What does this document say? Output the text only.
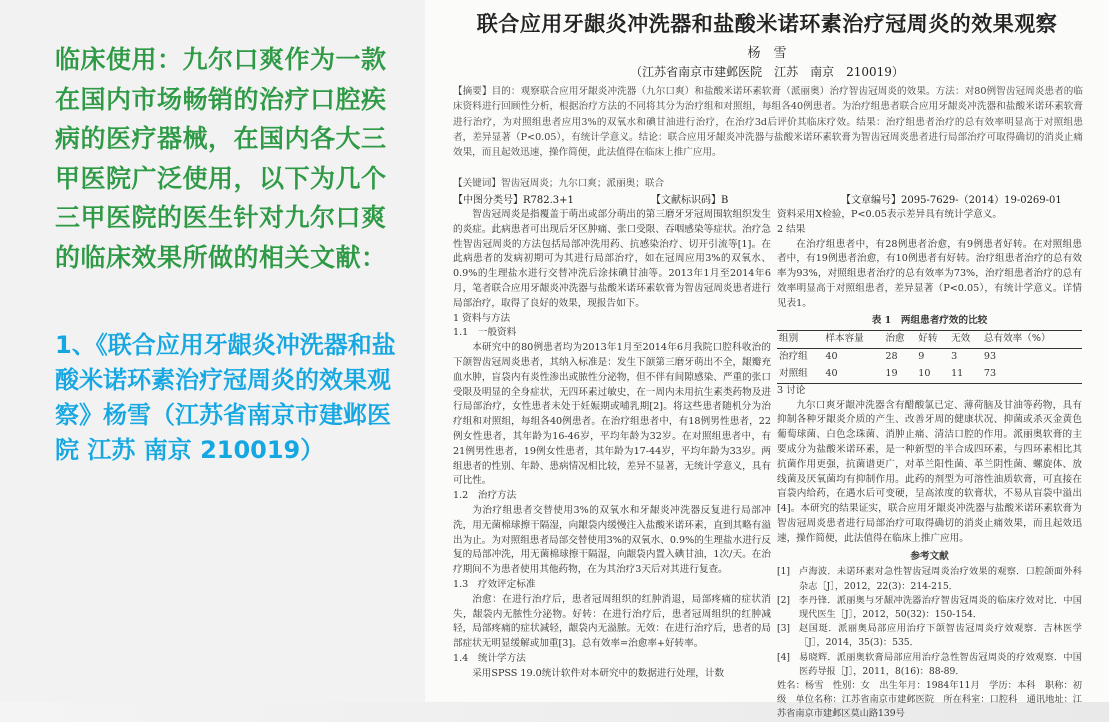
临床使用：九尔口爽作为一款在国内市场畅销的治疗口腔疾病的医疗器械，在国内各大三甲医院广泛使用，以下为几个三甲医院的医生针对九尔口爽的临床效果所做的相关文献：
1、《联合应用牙龈炎冲洗器和盐酸米诺环素治疗冠周炎的效果观察》杨雪（江苏省南京市建邺医院 江苏 南京 210019）
联合应用牙龈炎冲洗器和盐酸米诺环素治疗冠周炎的效果观察
杨　雪
（江苏省南京市建邺医院　江苏　南京　210019）
【摘要】目的：观察联合应用牙龈炎冲洗器（九尔口爽）和盐酸米诺环素软膏（派丽奥）治疗智齿冠周炎的效果。方法：对80例智齿冠周炎患者的临床资料进行回顾性分析，根据治疗方法的不同将其分为治疗组和对照组，每组各40例患者。为治疗组患者联合应用牙龈炎冲洗器和盐酸米诺环素软膏进行治疗，为对照组患者应用3%的双氧水和碘甘油进行治疗，在治疗3d后评价其临床疗效。结果：治疗组患者治疗的总有效率明显高于对照组患者，差异显著（P<0.05），有统计学意义。结论：联合应用牙龈炎冲洗器与盐酸米诺环素软膏为智齿冠周炎患者进行局部治疗可取得确切的消炎止痛效果，而且起效迅速，操作简便，此法值得在临床上推广应用。
【关键词】智齿冠周炎；九尔口爽；派丽奥；联合
【中图分类号】R782.3+1	【文献标识码】B	【文章编号】2095-7629-（2014）19-0269-01

智齿冠周炎是指覆盖于萌出或部分萌出的第三磨牙牙冠周围软组织发生的炎症。此病患者可出现后牙区肿痛、张口受限、吞咽感染等症状。治疗急性智齿冠周炎的方法包括局部冲洗用药、抗感染治疗、切开引流等[1]。在此病患者的发病初期可为其进行局部治疗，如在冠周应用3%的双氧水、0.9%的生理盐水进行交替冲洗后涂抹碘甘油等。2013年1月至2014年6月，笔者联合应用牙龈炎冲洗器与盐酸米诺环素软膏为智齿冠周炎患者进行局部治疗，取得了良好的效果，现报告如下。

1 资料与方法

1.1　一般资料

本研究中的80例患者均为2013年1月至2014年6月我院口腔科收治的下颌智齿冠周炎患者，其纳入标准是：发生下颌第三磨牙萌出不全，龈瓣充血水肿，盲袋内有炎性渗出或脓性分泌物，但不伴有间隙感染、严重的张口受限及明显的全身症状，无四环素过敏史，在一周内未用抗生素类药物及进行局部治疗，女性患者未处于妊娠期或哺乳期[2]。将这些患者随机分为治疗组和对照组，每组各40例患者。在治疗组患者中，有18例男性患者，22例女性患者，其年龄为16-46岁，平均年龄为32岁。在对照组患者中，有21例男性患者，19例女性患者，其年龄为17-44岁，平均年龄为33岁。两组患者的性别、年龄、患病情况相比较，差异不显著，无统计学意义，具有可比性。

1.2　治疗方法

为治疗组患者交替使用3%的双氧水和牙龈炎冲洗器反复进行局部冲洗，用无菌棉球擦干隔湿，向龈袋内缓慢注入盐酸米诺环素，直到其略有溢出为止。为对照组患者局部交替使用3%的双氧水、0.9%的生理盐水进行反复的局部冲洗，用无菌棉球擦干隔湿，向龈袋内置入碘甘油，1次/天。在治疗期间不为患者使用其他药物，在为其治疗3天后对其进行复查。

1.3　疗效评定标准

治愈：在进行治疗后，患者冠周组织的红肿消退，局部疼痛的症状消失，龈袋内无脓性分泌物。好转：在进行治疗后，患者冠周组织的红肿减轻，局部疼痛的症状减轻，龈袋内无溢脓。无效：在进行治疗后，患者的局部症状无明显缓解或加重[3]。总有效率=治愈率+好转率。

1.4　统计学方法

采用SPSS 19.0统计软件对本研究中的数据进行处理，计数

资料采用X检验，P<0.05表示差异具有统计学意义。

2 结果

在治疗组患者中，有28例患者治愈，有9例患者好转。在对照组患者中，有19例患者治愈，有10例患者有好转。治疗组患者治疗的总有效率为93%，对照组患者治疗的总有效率为73%，治疗组患者治疗的总有效率明显高于对照组患者，差异显著（P<0.05），有统计学意义。详情见表1。

表 1　两组患者疗效的比较
组别	样本容量	治愈	好转	无效	总有效率（%）
治疗组	40	28	9	3	93
对照组	40	19	10	11	73

3 讨论

九尔口爽牙龈冲洗器含有醋酸氯已定、薄荷脑及甘油等药物，具有抑制各种牙龈炎介质的产生、改善牙周的健康状况、抑菌或杀灭金黄色葡萄球菌、白色念珠菌、消肿止痛、清洁口腔的作用。派丽奥软膏的主要成分为盐酸米诺环素，是一种新型的半合成四环素，与四环素相比其抗菌作用更强，抗菌谱更广，对革兰阳性菌、革兰阴性菌、螺旋体、放线菌及厌氧菌均有抑制作用。此药的剂型为可溶性油质软膏，可直接在盲袋内给药，在遇水后可变硬，呈高浓度的软膏状，不易从盲袋中溢出[4]。本研究的结果证实，联合应用牙龈炎冲洗器与盐酸米诺环素软膏为智齿冠周炎患者进行局部治疗可取得确切的消炎止痛效果，而且起效迅速，操作简便，此法值得在临床上推广应用。

参考文献
[1] 卢海波．未诺环素对急性智齿冠周炎治疗效果的观察．口腔颌面外科杂志［J］，2012，22(3)：214-215．
[2] 李丹锋．派丽奥与牙龈冲洗器治疗智齿冠周炎的临床疗效对比．中国现代医生［J］，2012，50(32)：150-154．
[3] 赵国珽．派丽奥局部应用治疗下颌智齿冠周炎疗效观察．吉林医学［J］，2014，35(3)：535．
[4] 易晓辉．派丽奥软膏局部应用治疗急性智齿冠周炎的疗效观察．中国医药导报［J］，2011，8(16)：88-89．
姓名：杨雪　性别：女　出生年月：1984年11月　学历：本科　职称：初级　单位名称：江苏省南京市建邺医院　所在科室：口腔科　通讯地址：江苏省南京市建邺区莫山路139号
